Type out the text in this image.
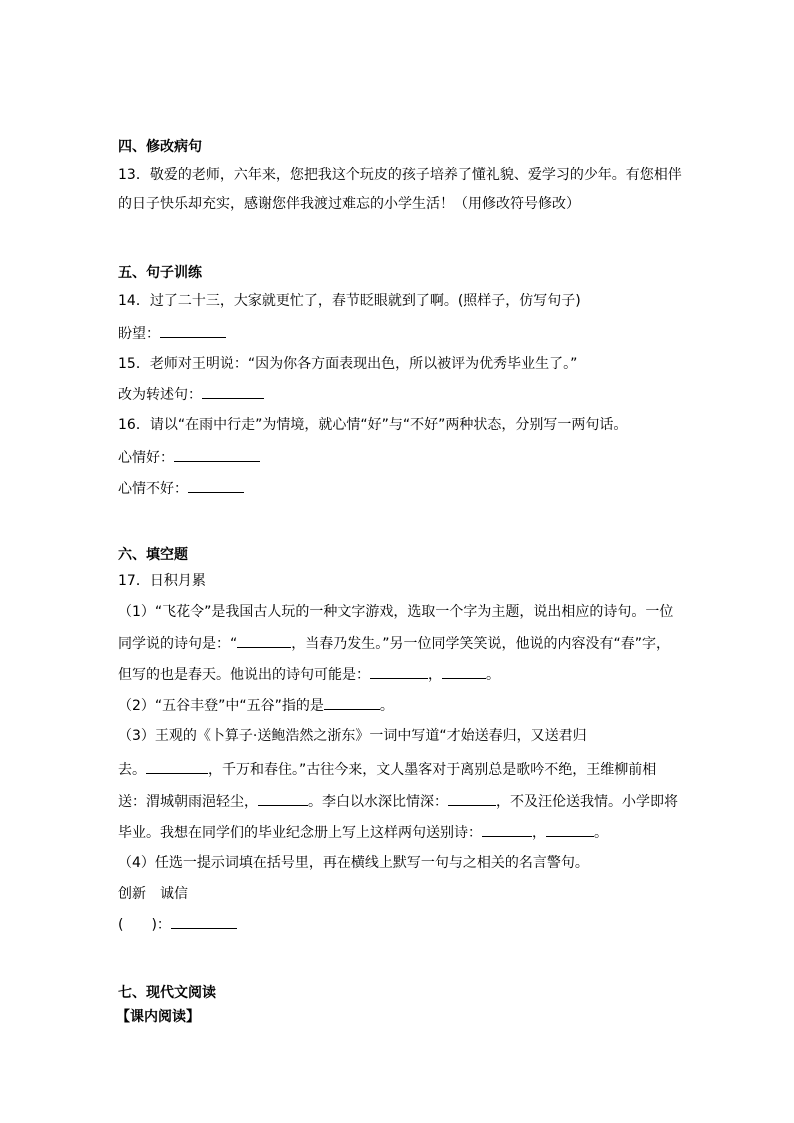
四、修改病句
13．敬爱的老师，六年来，您把我这个玩皮的孩子培养了懂礼貌、爱学习的少年。有您相伴
的日子快乐却充实，感谢您伴我渡过难忘的小学生活！（用修改符号修改）
五、句子训练
14．过了二十三，大家就更忙了，春节眨眼就到了啊。(照样子，仿写句子)
盼望：
15．老师对王明说：“因为你各方面表现出色，所以被评为优秀毕业生了。”
改为转述句：
16．请以“在雨中行走”为情境，就心情“好”与“不好”两种状态，分别写一两句话。
心情好：
心情不好：
六、填空题
17．日积月累
（1）“飞花令”是我国古人玩的一种文字游戏，选取一个字为主题，说出相应的诗句。一位
同学说的诗句是：“	，当春乃发生。”另一位同学笑笑说，他说的内容没有“春”字，
但写的也是春天。他说出的诗句可能是：	，	。
（2）“五谷丰登”中“五谷”指的是	。
（3）王观的《卜算子·送鲍浩然之浙东》一词中写道“才始送春归，又送君归
去。	，千万和春住。”古往今来，文人墨客对于离别总是歌吟不绝，王维柳前相
送：渭城朝雨浥轻尘，	。李白以水深比情深：	，不及汪伦送我情。小学即将
毕业。我想在同学们的毕业纪念册上写上这样两句送别诗：	，	。
（4）任选一提示词填在括号里，再在横线上默写一句与之相关的名言警句。
创新　诚信
(　　)：
七、现代文阅读
【课内阅读】
